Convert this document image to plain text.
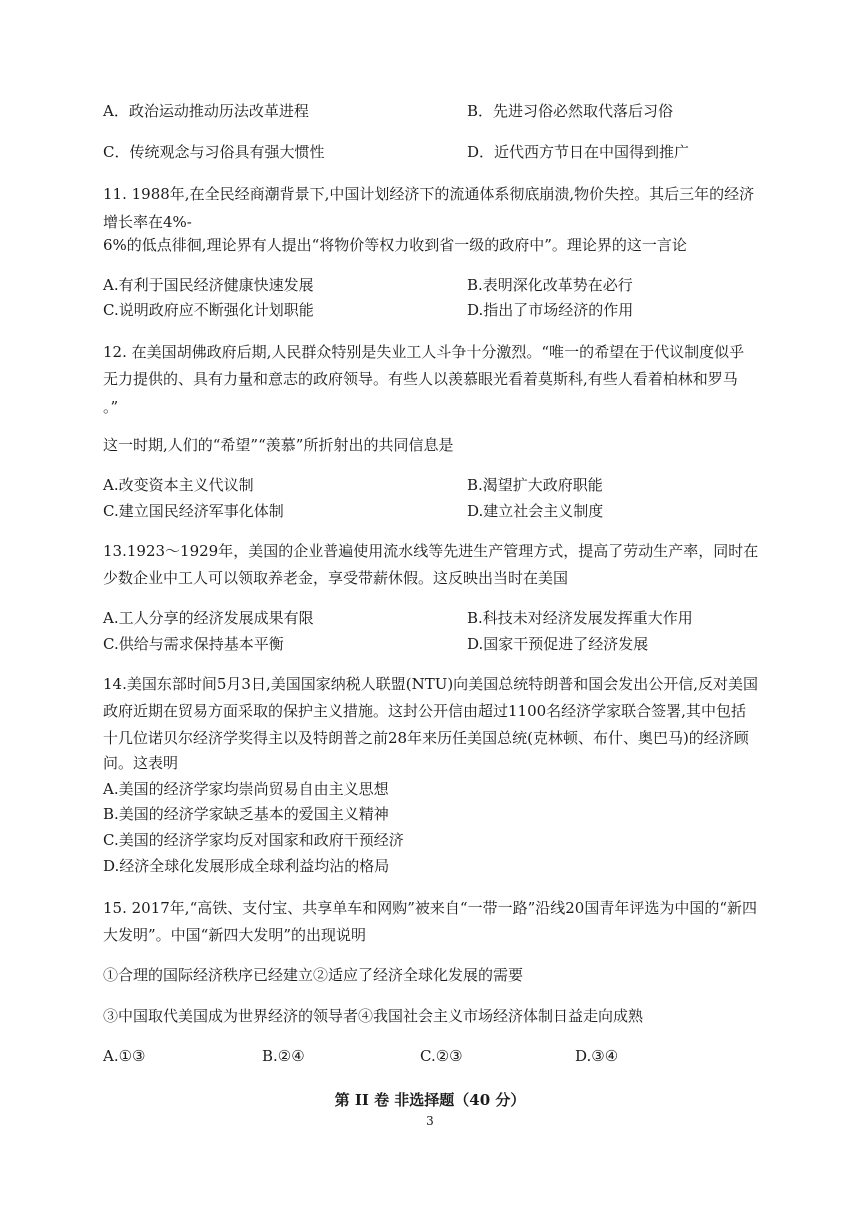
A．政治运动推动历法改革进程	B．先进习俗必然取代落后习俗
C．传统观念与习俗具有强大惯性	D．近代西方节日在中国得到推广
11. 1988年,在全民经商潮背景下,中国计划经济下的流通体系彻底崩溃,物价失控。其后三年的经济
增长率在4%-
6%的低点徘徊,理论界有人提出“将物价等权力收到省一级的政府中”。理论界的这一言论
A.有利于国民经济健康快速发展	B.表明深化改革势在必行
C.说明政府应不断强化计划职能	D.指出了市场经济的作用
12. 在美国胡佛政府后期,人民群众特别是失业工人斗争十分激烈。“唯一的希望在于代议制度似乎
无力提供的、具有力量和意志的政府领导。有些人以羡慕眼光看着莫斯科,有些人看着柏林和罗马
。”
这一时期,人们的“希望”“羡慕”所折射出的共同信息是
A.改变资本主义代议制	B.渴望扩大政府职能
C.建立国民经济军事化体制	D.建立社会主义制度
13.1923～1929年，美国的企业普遍使用流水线等先进生产管理方式，提高了劳动生产率，同时在
少数企业中工人可以领取养老金，享受带薪休假。这反映出当时在美国
A.工人分享的经济发展成果有限	B.科技未对经济发展发挥重大作用
C.供给与需求保持基本平衡	D.国家干预促进了经济发展
14.美国东部时间5月3日,美国国家纳税人联盟(NTU)向美国总统特朗普和国会发出公开信,反对美国
政府近期在贸易方面采取的保护主义措施。这封公开信由超过1100名经济学家联合签署,其中包括
十几位诺贝尔经济学奖得主以及特朗普之前28年来历任美国总统(克林顿、布什、奥巴马)的经济顾
问。这表明
A.美国的经济学家均崇尚贸易自由主义思想
B.美国的经济学家缺乏基本的爱国主义精神
C.美国的经济学家均反对国家和政府干预经济
D.经济全球化发展形成全球利益均沾的格局
15. 2017年,“高铁、支付宝、共享单车和网购”被来自“一带一路”沿线20国青年评选为中国的“新四
大发明”。中国“新四大发明”的出现说明
①合理的国际经济秩序已经建立②适应了经济全球化发展的需要
③中国取代美国成为世界经济的领导者④我国社会主义市场经济体制日益走向成熟
A.①③	B.②④	C.②③	D.③④
第 II 卷 非选择题（40 分）
3
